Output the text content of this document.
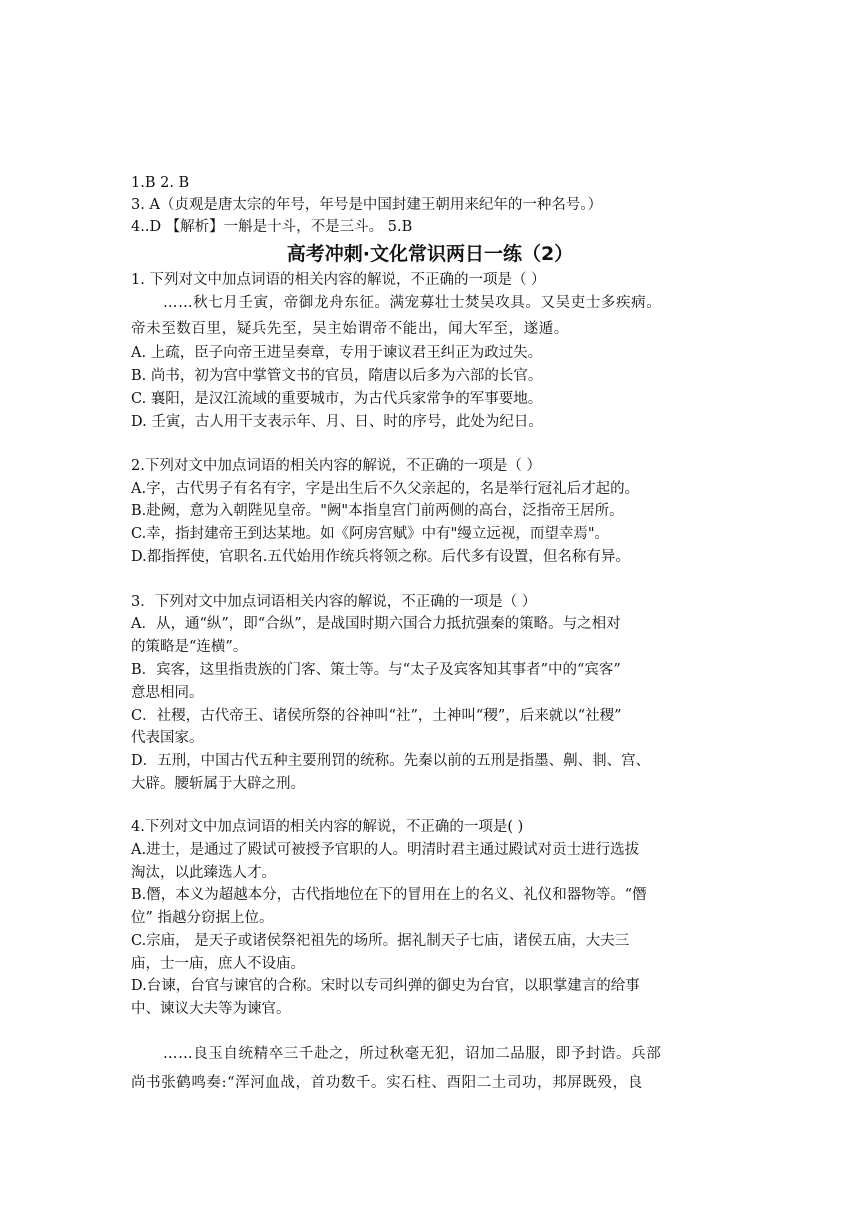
1.B 2. B
3. A（贞观是唐太宗的年号，年号是中国封建王朝用来纪年的一种名号。）
4..D 【解析】一斛是十斗，不是三斗。 5.B
高考冲刺·文化常识两日一练（2）
1. 下列对文中加点词语的相关内容的解说，不正确的一项是（ ）
……秋七月壬寅，帝御龙舟东征。满宠募壮士焚吴攻具。又吴吏士多疾病。
帝未至数百里，疑兵先至，吴主始谓帝不能出，闻大军至，遂遁。
A. 上疏，臣子向帝王进呈奏章，专用于谏议君王纠正为政过失。
B. 尚书，初为宫中掌管文书的官员，隋唐以后多为六部的长官。
C. 襄阳，是汉江流域的重要城市，为古代兵家常争的军事要地。
D. 壬寅，古人用干支表示年、月、日、时的序号，此处为纪日。
2.下列对文中加点词语的相关内容的解说，不正确的一项是（ ）
A.字，古代男子有名有字，字是出生后不久父亲起的，名是举行冠礼后才起的。
B.赴阙，意为入朝陛见皇帝。"阙"本指皇宫门前两侧的高台，泛指帝王居所。
C.幸，指封建帝王到达某地。如《阿房宫赋》中有"缦立远视，而望幸焉"。
D.都指挥使，官职名.五代始用作统兵将领之称。后代多有设置，但名称有异。
3．下列对文中加点词语相关内容的解说，不正确的一项是（ ）
A．从，通“纵”，即“合纵”，是战国时期六国合力抵抗强秦的策略。与之相对
的策略是“连横”。
B．宾客，这里指贵族的门客、策士等。与“太子及宾客知其事者”中的“宾客”
意思相同。
C．社稷，古代帝王、诸侯所祭的谷神叫“社”，土神叫“稷”，后来就以“社稷”
代表国家。
D．五刑，中国古代五种主要刑罚的统称。先秦以前的五刑是指墨、劓、剕、宫、
大辟。腰斩属于大辟之刑。
4.下列对文中加点词语的相关内容的解说，不正确的一项是( )
A.进士，是通过了殿试可被授予官职的人。明清时君主通过殿试对贡士进行选拔
淘汰，以此臻选人才。
B.僭，本义为超越本分，古代指地位在下的冒用在上的名义、礼仪和器物等。“僭
位” 指越分窃据上位。
C.宗庙， 是天子或诸侯祭祀祖先的场所。据礼制天子七庙，诸侯五庙，大夫三
庙，士一庙，庶人不设庙。
D.台谏，台官与谏官的合称。宋时以专司纠弹的御史为台官，以职掌建言的给事
中、谏议大夫等为谏官。
……良玉自统精卒三千赴之，所过秋毫无犯，诏加二品服，即予封诰。兵部
尚书张鹤鸣奏:“浑河血战，首功数千。实石柱、酉阳二土司功，邦屏既殁，良
